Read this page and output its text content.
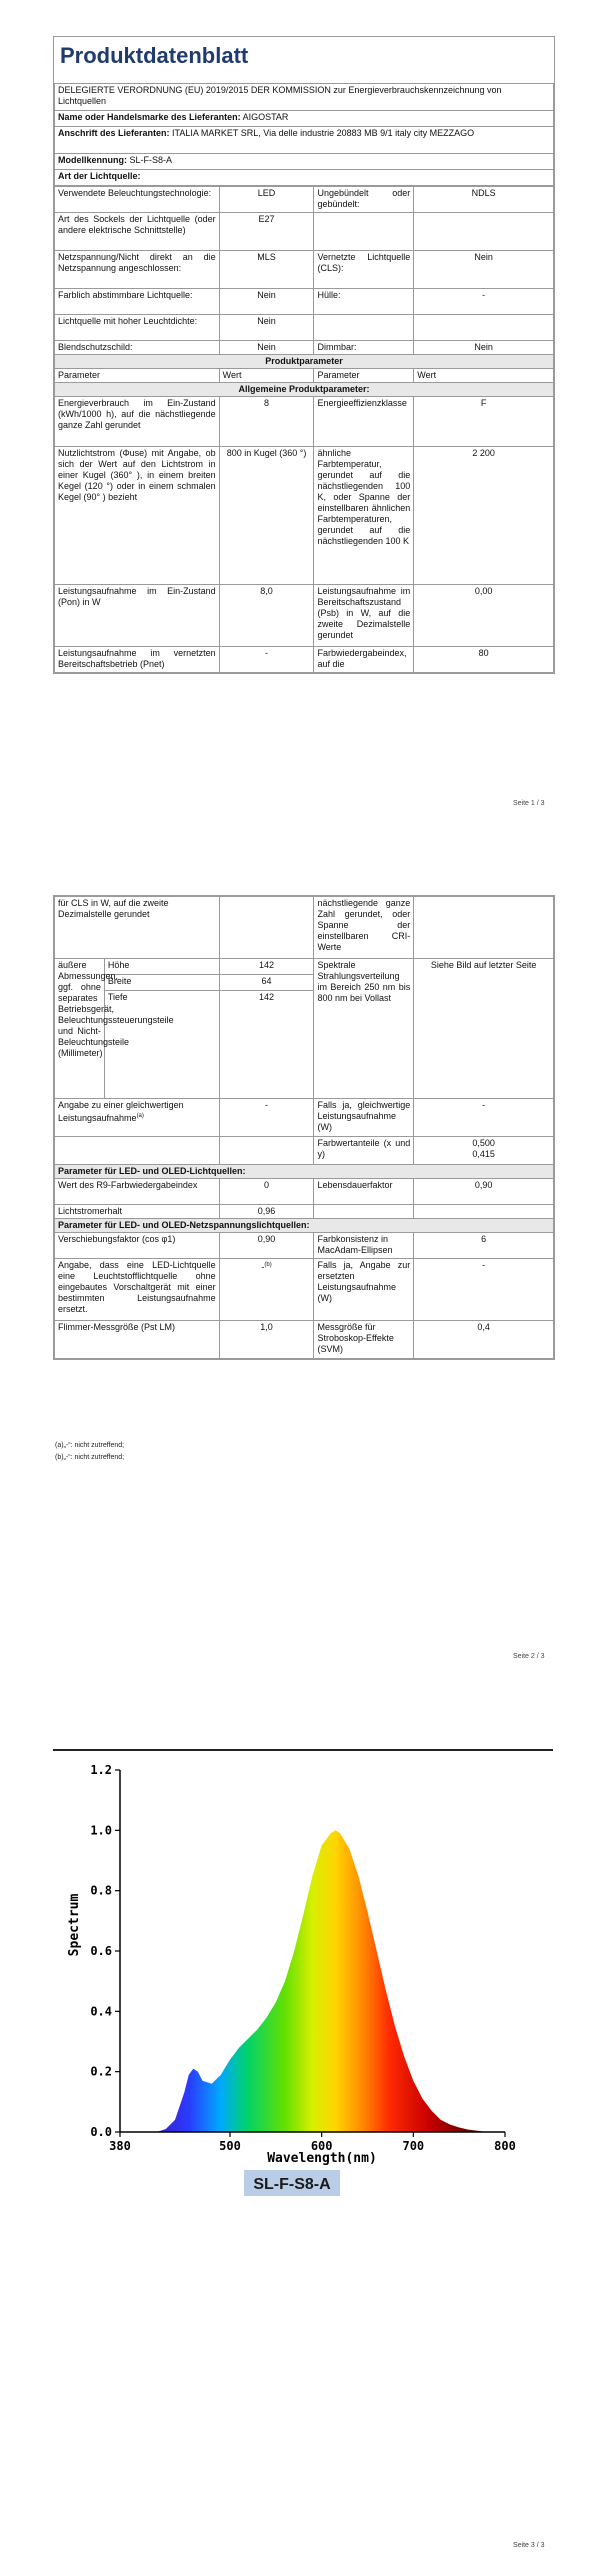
Produktdatenblatt
DELEGIERTE VERORDNUNG (EU) 2019/2015 DER KOMMISSION zur Energieverbrauchskennzeichnung von Lichtquellen
Name oder Handelsmarke des Lieferanten: AIGOSTAR
Anschrift des Lieferanten: ITALIA MARKET SRL, Via delle industrie 20883 MB 9/1 italy city MEZZAGO
Modellkennung: SL-F-S8-A
Art der Lichtquelle:
Verwendete Beleuchtungstechnologie:	LED	Ungebündelt oder gebündelt:	NDLS
Art des Sockels der Lichtquelle (oder andere elektrische Schnittstelle)	E27		
Netzspannung/Nicht direkt an die Netzspannung angeschlossen:	MLS	Vernetzte Lichtquelle (CLS):	Nein
Farblich abstimmbare Lichtquelle:	Nein	Hülle:	-
Lichtquelle mit hoher Leuchtdichte:	Nein		
Blendschutzschild:	Nein	Dimmbar:	Nein
Produktparameter			
Parameter	Wert	Parameter	Wert
Allgemeine Produktparameter:			
Energieverbrauch im Ein-Zustand (kWh/1000 h), auf die nächstliegende ganze Zahl gerundet	8	Energieeffizienzklasse	F
Nutzlichtstrom (Φuse) mit Angabe, ob sich der Wert auf den Lichtstrom in einer Kugel (360° ), in einem breiten Kegel (120 °) oder in einem schmalen Kegel (90° ) bezieht	800 in Kugel (360 °)	ähnliche Farbtemperatur, gerundet auf die nächstliegenden 100 K, oder Spanne der einstellbaren ähnlichen Farbtemperaturen, gerundet auf die nächstliegenden 100 K	2 200
Leistungsaufnahme im Ein-Zustand (Pon) in W	8,0	Leistungsaufnahme im Bereitschaftszustand (Psb) in W, auf die zweite Dezimalstelle gerundet	0,00
Leistungsaufnahme im vernetzten Bereitschaftsbetrieb (Pnet)	-	Farbwiedergabeindex, auf die	80
Seite 1 / 3
für CLS in W, auf die zweite Dezimalstelle gerundet			nächstliegende ganze Zahl gerundet, oder Spanne der einstellbaren CRI-Werte	
äußere Abmessungen, ggf. ohne separates Betriebsgerät, Beleuchtungssteuerungsteile und Nicht-Beleuchtungsteile (Millimeter)	Höhe	142	Spektrale Strahlungsverteilung im Bereich 250 nm bis 800 nm bei Vollast	Siehe Bild auf letzter Seite
	Breite	64		
	Tiefe	142		
Angabe zu einer gleichwertigen Leistungsaufnahme$^{(a)}$		-	Falls ja, gleichwertige Leistungsaufnahme (W)	-
			Farbwertanteile (x und y)	0,500
0,415

Parameter für LED- und OLED-Lichtquellen:				
Wert des R9-Farbwiedergabeindex		0	Lebensdauerfaktor	0,90
Lichtstromerhalt		0,96		
Parameter für LED- und OLED-Netzspannungslichtquellen:				
Verschiebungsfaktor (cos φ1)		0,90	Farbkonsistenz in MacAdam-Ellipsen	6
Angabe, dass eine LED-Lichtquelle eine Leuchtstofflichtquelle ohne eingebautes Vorschaltgerät mit einer bestimmten Leistungsaufnahme ersetzt.		-$^{(b)}$	Falls ja, Angabe zur ersetzten Leistungsaufnahme (W)	-
Flimmer-Messgröße (Pst LM)		1,0	Messgröße für Stroboskop-Effekte (SVM)	0,4
(a)„-“: nicht zutreffend;
(b)„-“: nicht zutreffend;
Seite 2 / 3
0.0
0.2
0.4
0.6
0.8
1.0
1.2
380	500	600	700	800
Spectrum
Wavelength(nm)
SL-F-S8-A
Seite 3 / 3
